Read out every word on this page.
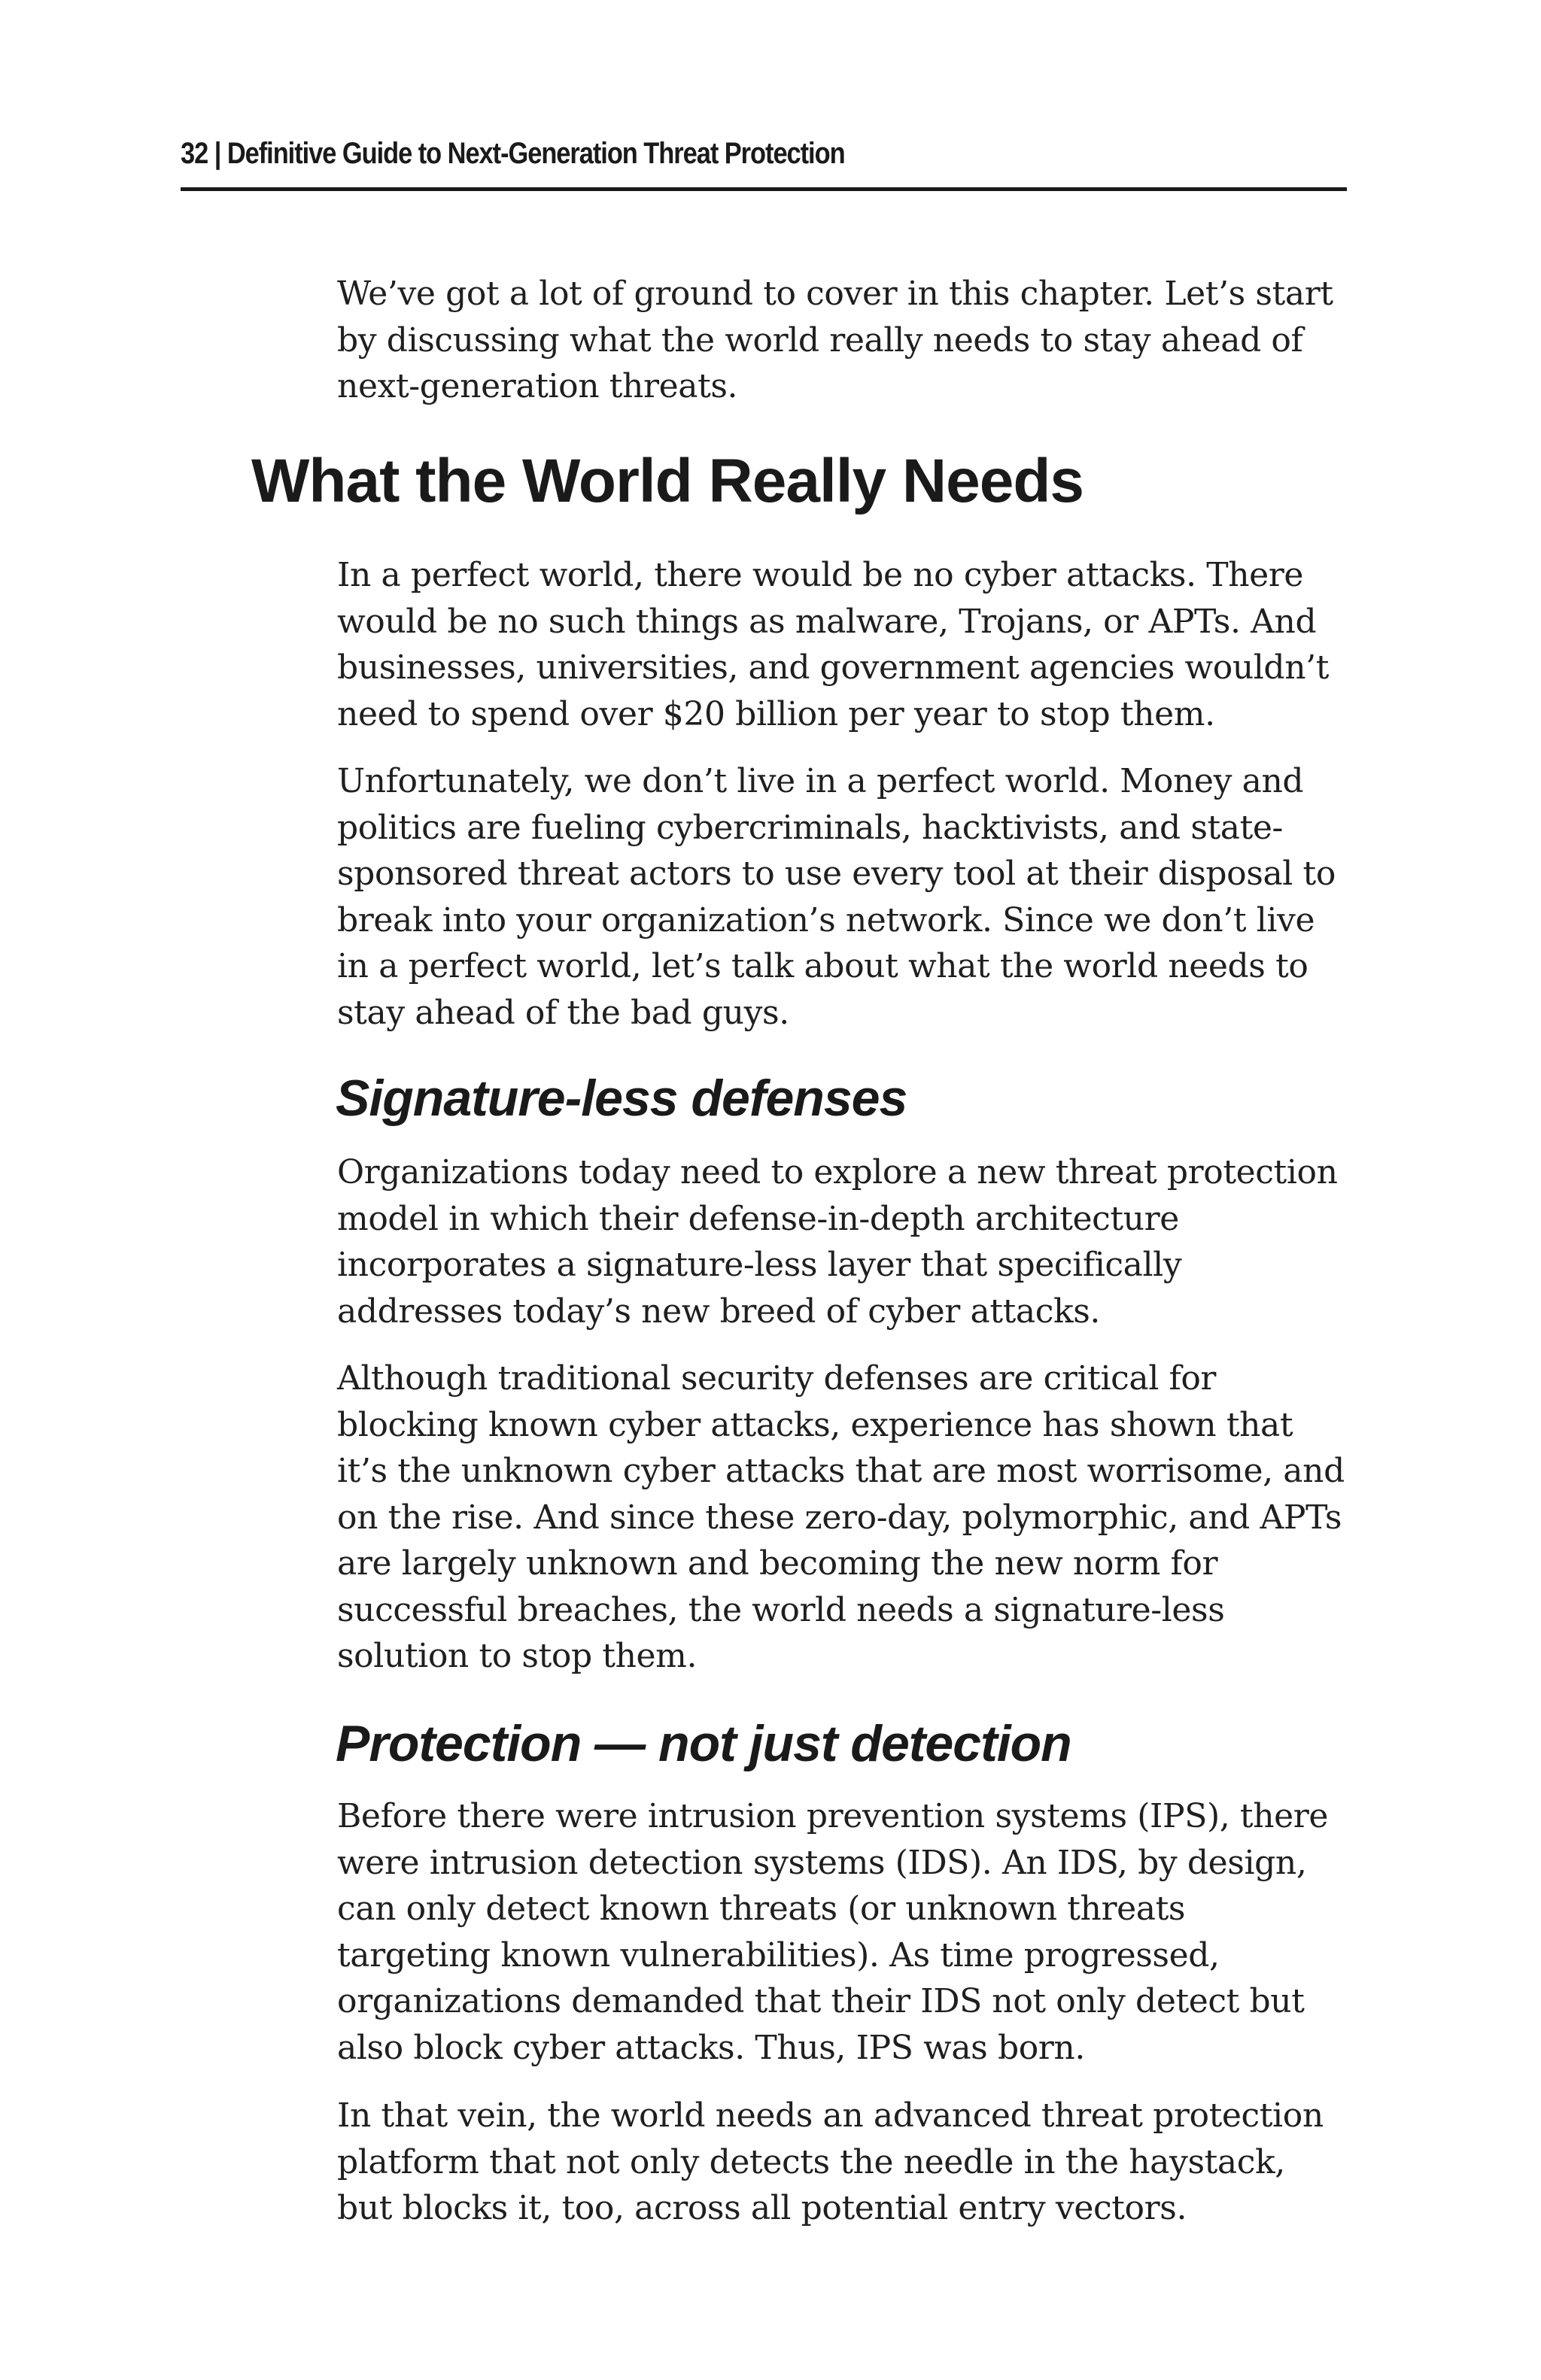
32 | Definitive Guide to Next-Generation Threat Protection

We’ve got a lot of ground to cover in this chapter. Let’s start by discussing what the world really needs to stay ahead of next-generation threats.

What the World Really Needs

In a perfect world, there would be no cyber attacks. There would be no such things as malware, Trojans, or APTs. And businesses, universities, and government agencies wouldn’t need to spend over $20 billion per year to stop them.

Unfortunately, we don’t live in a perfect world. Money and politics are fueling cybercriminals, hacktivists, and state-sponsored threat actors to use every tool at their disposal to break into your organization’s network. Since we don’t live in a perfect world, let’s talk about what the world needs to stay ahead of the bad guys.

Signature-less defenses

Organizations today need to explore a new threat protection model in which their defense-in-depth architecture incorporates a signature-less layer that specifically addresses today’s new breed of cyber attacks.

Although traditional security defenses are critical for blocking known cyber attacks, experience has shown that it’s the unknown cyber attacks that are most worrisome, and on the rise. And since these zero-day, polymorphic, and APTs are largely unknown and becoming the new norm for successful breaches, the world needs a signature-less solution to stop them.

Protection — not just detection

Before there were intrusion prevention systems (IPS), there were intrusion detection systems (IDS). An IDS, by design, can only detect known threats (or unknown threats targeting known vulnerabilities). As time progressed, organizations demanded that their IDS not only detect but also block cyber attacks. Thus, IPS was born.

In that vein, the world needs an advanced threat protection platform that not only detects the needle in the haystack, but blocks it, too, across all potential entry vectors.
